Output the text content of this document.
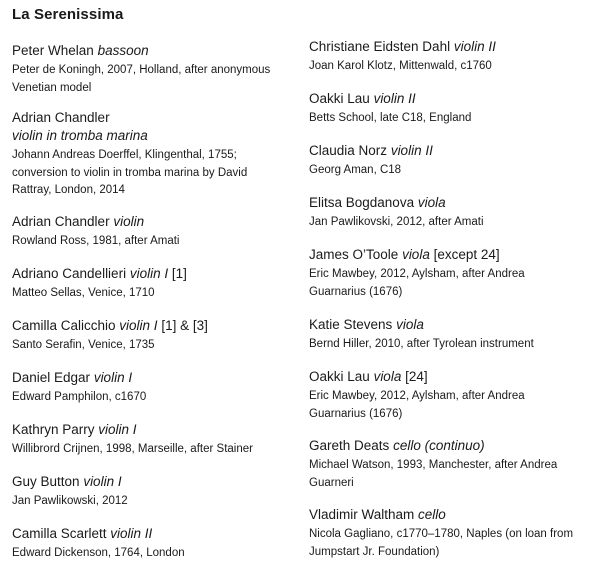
La Serenissima
Peter Whelan bassoon
Peter de Koningh, 2007, Holland, after anonymous
Venetian model
Adrian Chandler
violin in tromba marina
Johann Andreas Doerffel, Klingenthal, 1755;
conversion to violin in tromba marina by David
Rattray, London, 2014
Adrian Chandler violin
Rowland Ross, 1981, after Amati
Adriano Candellieri violin I [1]
Matteo Sellas, Venice, 1710
Camilla Calicchio violin I [1] & [3]
Santo Serafin, Venice, 1735
Daniel Edgar violin I
Edward Pamphilon, c1670
Kathryn Parry violin I
Willibrord Crijnen, 1998, Marseille, after Stainer
Guy Button violin I
Jan Pawlikowski, 2012
Camilla Scarlett violin II
Edward Dickenson, 1764, London
Christiane Eidsten Dahl violin II
Joan Karol Klotz, Mittenwald, c1760
Oakki Lau violin II
Betts School, late C18, England
Claudia Norz violin II
Georg Aman, C18
Elitsa Bogdanova viola
Jan Pawlikovski, 2012, after Amati
James O’Toole viola [except 24]
Eric Mawbey, 2012, Aylsham, after Andrea
Guarnarius (1676)
Katie Stevens viola
Bernd Hiller, 2010, after Tyrolean instrument
Oakki Lau viola [24]
Eric Mawbey, 2012, Aylsham, after Andrea
Guarnarius (1676)
Gareth Deats cello (continuo)
Michael Watson, 1993, Manchester, after Andrea
Guarneri
Vladimir Waltham cello
Nicola Gagliano, c1770–1780, Naples (on loan from
Jumpstart Jr. Foundation)
